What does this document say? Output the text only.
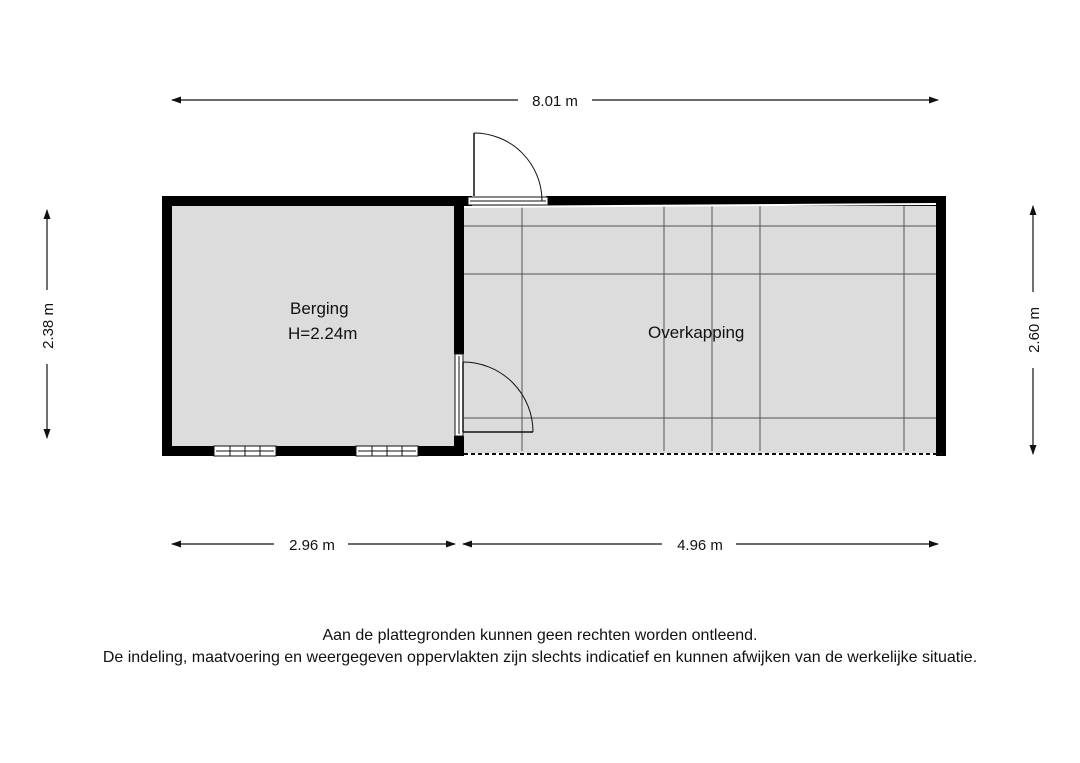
Berging
H=2.24m	Overkapping
8.01 m
2.96 m	4.96 m
2.38 m	2.60 m
Aan de plattegronden kunnen geen rechten worden ontleend.
De indeling, maatvoering en weergegeven oppervlakten zijn slechts indicatief en kunnen afwijken van de werkelijke situatie.
